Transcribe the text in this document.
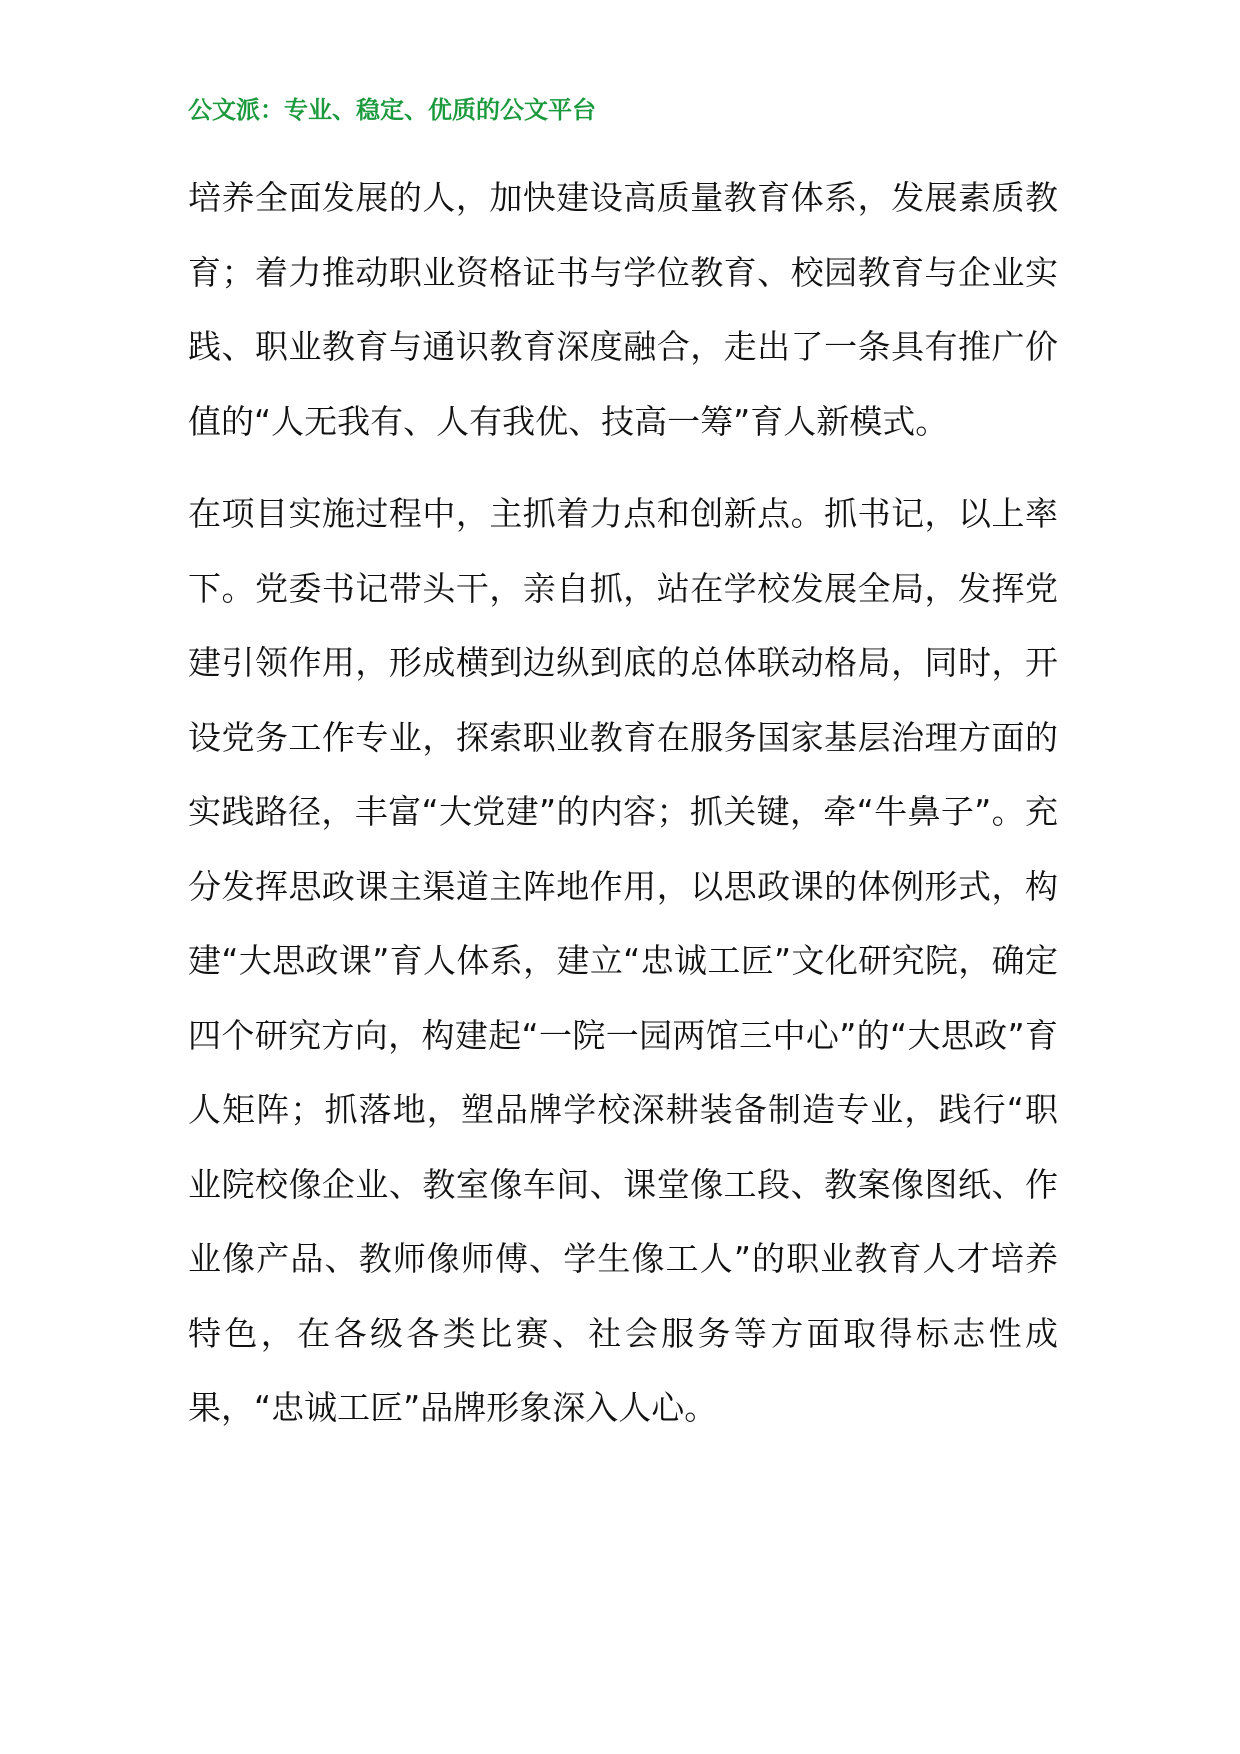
公文派：专业、稳定、优质的公文平台

培养全面发展的人，加快建设高质量教育体系，发展素质教育；着力推动职业资格证书与学位教育、校园教育与企业实践、职业教育与通识教育深度融合，走出了一条具有推广价值的“人无我有、人有我优、技高一筹”育人新模式。

在项目实施过程中，主抓着力点和创新点。抓书记，以上率下。党委书记带头干，亲自抓，站在学校发展全局，发挥党建引领作用，形成横到边纵到底的总体联动格局，同时，开设党务工作专业，探索职业教育在服务国家基层治理方面的实践路径，丰富“大党建”的内容；抓关键，牵“牛鼻子”。充分发挥思政课主渠道主阵地作用，以思政课的体例形式，构建“大思政课”育人体系，建立“忠诚工匠”文化研究院，确定四个研究方向，构建起“一院一园两馆三中心”的“大思政”育人矩阵；抓落地，塑品牌学校深耕装备制造专业，践行“职业院校像企业、教室像车间、课堂像工段、教案像图纸、作业像产品、教师像师傅、学生像工人”的职业教育人才培养特色，在各级各类比赛、社会服务等方面取得标志性成果，“忠诚工匠”品牌形象深入人心。
